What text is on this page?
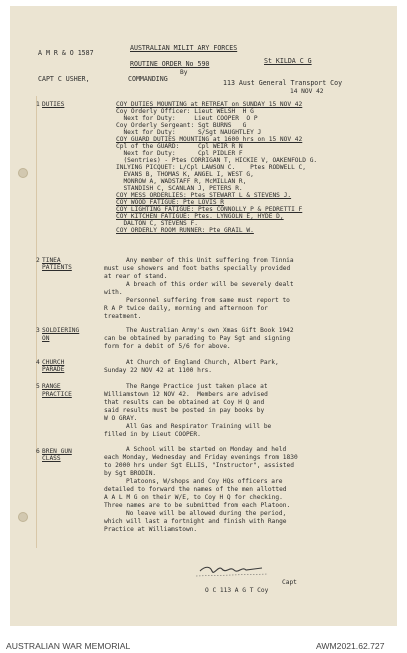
A M R & O 1587
AUSTRALIAN MILIT ARY FORCES
St KILDA C G
ROUTINE ORDER No 590
By
CAPT C USHER,	COMMANDING	113 Aust General Transport Coy
14 NOV 42
1 DUTIES	COY DUTIES MOUNTING at RETREAT on SUNDAY 15 NOV 42
Coy Orderly Officer: Lieut WELSH  H G
Next for Duty:     Lieut COOPER  O P
Coy Orderly Sergeant: Sgt BURNS   G
Next for Duty:      S/Sgt NAUGHTLEY J
COY GUARD DUTIES MOUNTING at 1600 hrs on 15 NOV 42
Cpl of the GUARD:     Cpl WEIR R N
Next for Duty:      Cpl PIDLER F
(Sentries) - Ptes CORRIGAN T, HICKIE V, OAKENFOLD G.
INLYING PICQUET: L/Cpl LAWSON C.    Ptes RODWELL C,
EVANS B, THOMAS K, ANGEL I, WEST G,
MONROW A, WADSTAFF R, McMILLAN R,
STANDISH C, SCANLAN J, PETERS R.
COY MESS ORDERLIES: Ptes STEWART L & STEVENS J.
COY WOOD FATIGUE: Pte LOVIS R
COY LIGHTING FATIGUE: Ptes CONNOLLY P & PEDRETTI F
COY KITCHEN FATIGUE: Ptes. LYNGOLN E, HYDE D,
DALTON C, STEVENS F.
COY ORDERLY ROOM RUNNER: Pte GRAIL W.
2 TINEA
PATIENTS
Any member of this Unit suffering from Tinnia
must use showers and foot baths specially provided
at rear of stand.
A breach of this order will be severely dealt
with.
Personnel suffering from same must report to
R A P twice daily, morning and afternoon for
treatment.
3 SOLDIERING
ON
The Australian Army's own Xmas Gift Book 1942
can be obtained by parading to Pay Sgt and signing
form for a debit of 5/6 for above.
4 CHURCH
PARADE
At Church of England Church, Albert Park,
Sunday 22 NOV 42 at 1100 hrs.
5 RANGE
PRACTICE
The Range Practice just taken place at
Williamstown 12 NOV 42.  Members are advised
that results can be obtained at Coy H Q and
said results must be posted in pay books by
W O GRAY.
All Gas and Respirator Training will be
filled in by Lieut COOPER.
6 BREN GUN
CLASS
A School will be started on Monday and held
each Monday, Wednesday and Friday evenings from 1830
to 2000 hrs under Sgt ELLIS, "Instructor", assisted
by Sgt BRODIN.
Platoons, W/shops and Coy HQs officers are
detailed to forward the names of the men allotted
A A L M G on their W/E, to Coy H Q for checking.
Three names are to be submitted from each Platoon.
No leave will be allowed during the period,
which will last a fortnight and finish with Range
Practice at Williamstown.
Capt
O C 113 A G T Coy
AUSTRALIAN WAR MEMORIAL	AWM2021.62.727
